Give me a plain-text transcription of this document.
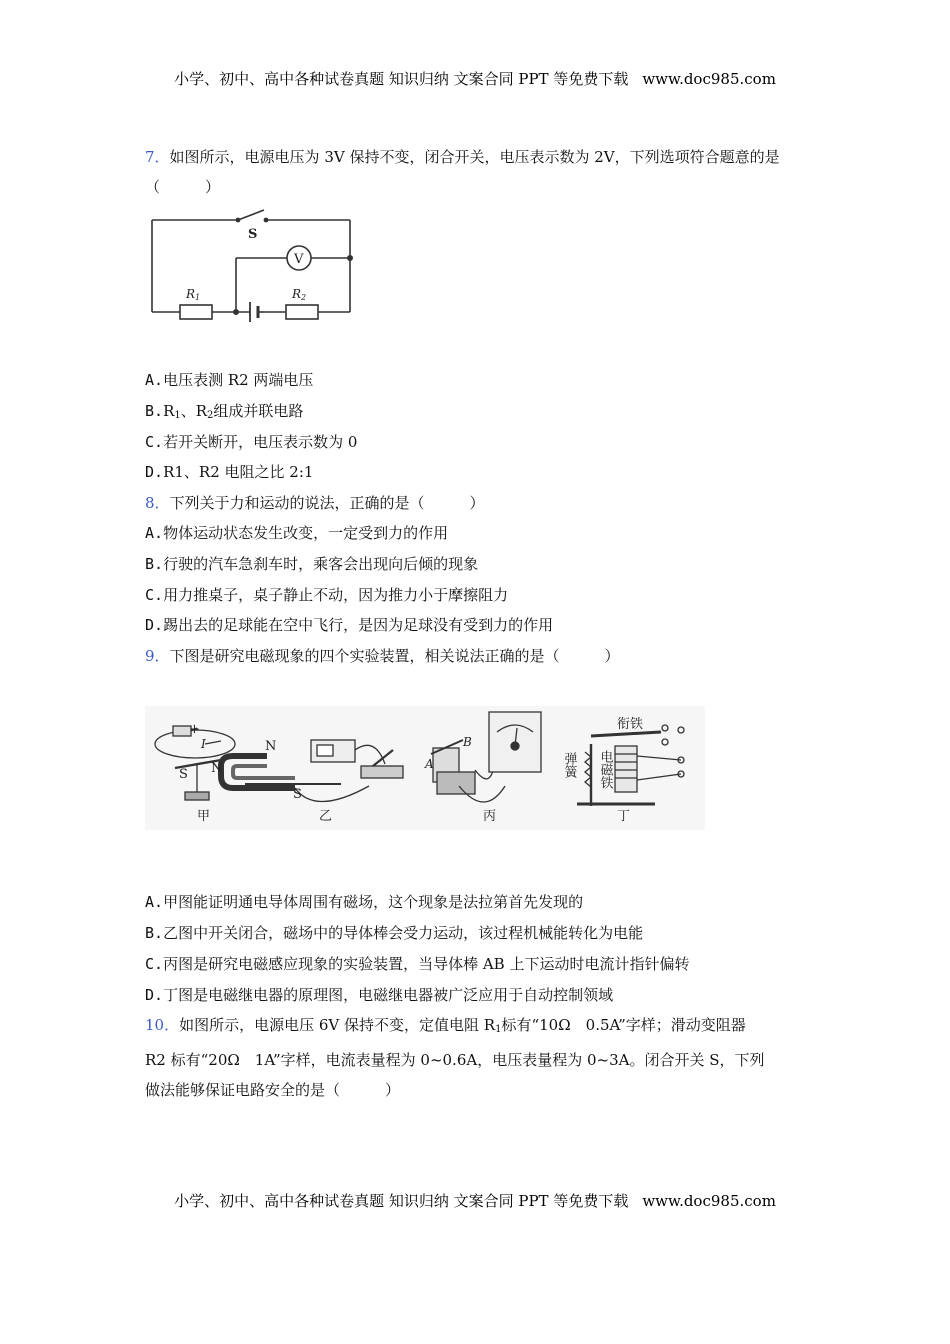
小学、初中、高中各种试卷真题 知识归纳 文案合同 PPT 等免费下载 www.doc985.com
7．如图所示，电源电压为 3V 保持不变，闭合开关，电压表示数为 2V，下列选项符合题意的是（　　　）
S
V
R1	R2
A.电压表测 R2 两端电压
$B.R_1$、$R_2$组成并联电路
C.若开关断开，电压表示数为 0
D.R1、R2 电阻之比 2:1
8．下列关于力和运动的说法，正确的是（　　　）
A.物体运动状态发生改变，一定受到力的作用
B.行驶的汽车急刹车时，乘客会出现向后倾的现象
C.用力推桌子，桌子静止不动，因为推力小于摩擦阻力
D.踢出去的足球能在空中飞行，是因为足球没有受到力的作用
9．下图是研究电磁现象的四个实验装置，相关说法正确的是（　　　）
+
I
S N
N
S
A
B
衔铁
弹簧 电磁铁
甲	乙	丙	丁
A.甲图能证明通电导体周围有磁场，这个现象是法拉第首先发现的
B.乙图中开关闭合，磁场中的导体棒会受力运动，该过程机械能转化为电能
C.丙图是研究电磁感应现象的实验装置，当导体棒 AB 上下运动时电流计指针偏转
D.丁图是电磁继电器的原理图，电磁继电器被广泛应用于自动控制领域
10．如图所示，电源电压 6V 保持不变，定值电阻 $R_1$标有“10Ω　0.5A”字样；滑动变阻器
R2 标有“20Ω　1A”字样，电流表量程为 0~0.6A，电压表量程为 0~3A。闭合开关 S，下列
做法能够保证电路安全的是（　　　）
小学、初中、高中各种试卷真题 知识归纳 文案合同 PPT 等免费下载 www.doc985.com
